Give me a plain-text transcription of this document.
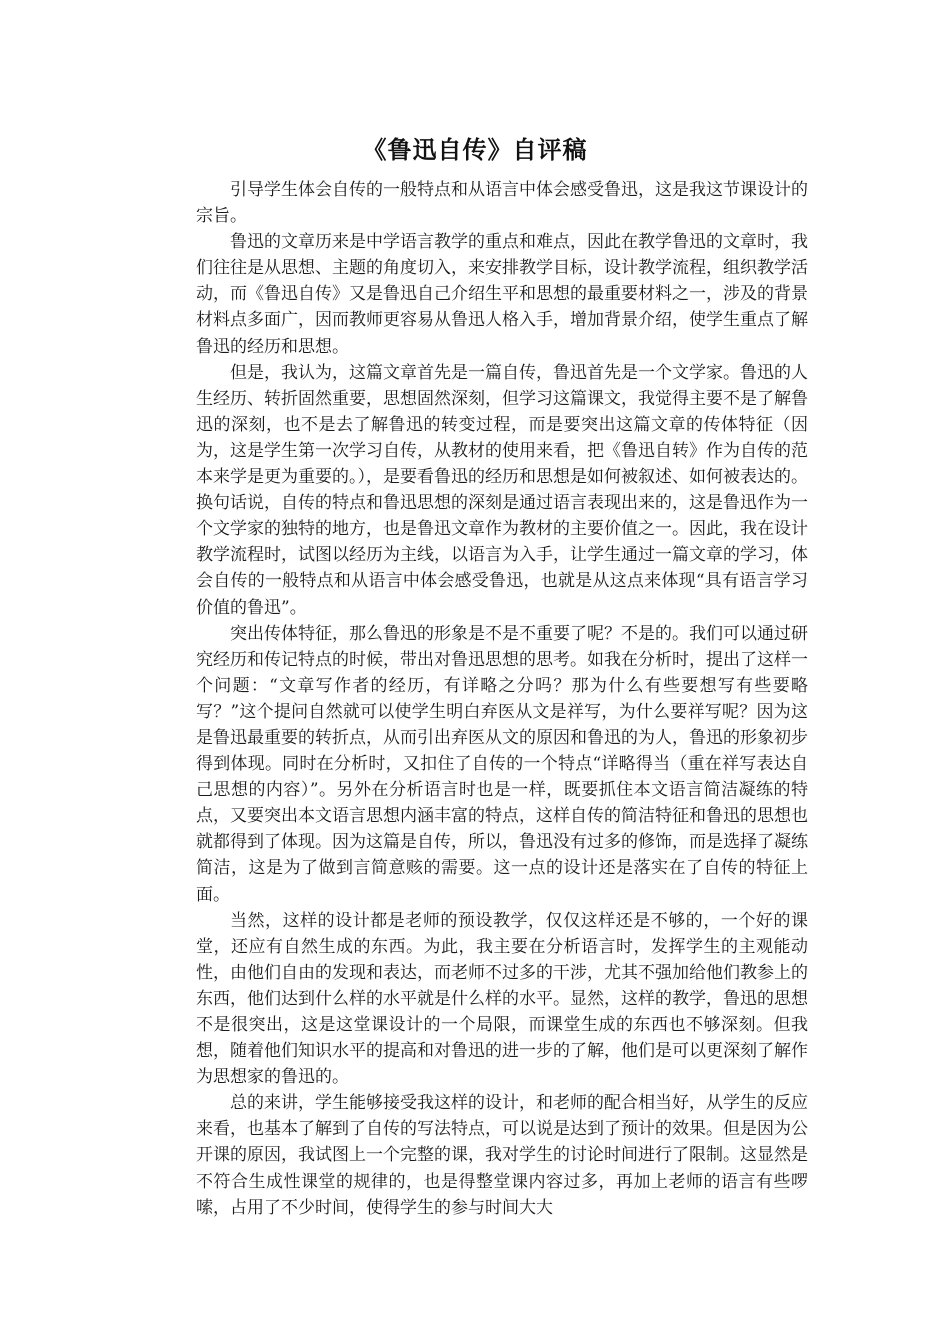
《鲁迅自传》自评稿

引导学生体会自传的一般特点和从语言中体会感受鲁迅，这是我这节课设计的宗旨。

鲁迅的文章历来是中学语言教学的重点和难点，因此在教学鲁迅的文章时，我们往往是从思想、主题的角度切入，来安排教学目标，设计教学流程，组织教学活动，而《鲁迅自传》又是鲁迅自己介绍生平和思想的最重要材料之一，涉及的背景材料点多面广，因而教师更容易从鲁迅人格入手，增加背景介绍，使学生重点了解鲁迅的经历和思想。

但是，我认为，这篇文章首先是一篇自传，鲁迅首先是一个文学家。鲁迅的人生经历、转折固然重要，思想固然深刻，但学习这篇课文，我觉得主要不是了解鲁迅的深刻，也不是去了解鲁迅的转变过程，而是要突出这篇文章的传体特征（因为，这是学生第一次学习自传，从教材的使用来看，把《鲁迅自转》作为自传的范本来学是更为重要的。），是要看鲁迅的经历和思想是如何被叙述、如何被表达的。换句话说，自传的特点和鲁迅思想的深刻是通过语言表现出来的，这是鲁迅作为一个文学家的独特的地方，也是鲁迅文章作为教材的主要价值之一。因此，我在设计教学流程时，试图以经历为主线，以语言为入手，让学生通过一篇文章的学习，体会自传的一般特点和从语言中体会感受鲁迅，也就是从这点来体现“具有语言学习价值的鲁迅”。

突出传体特征，那么鲁迅的形象是不是不重要了呢？不是的。我们可以通过研究经历和传记特点的时候，带出对鲁迅思想的思考。如我在分析时，提出了这样一个问题：“文章写作者的经历，有详略之分吗？那为什么有些要想写有些要略写？”这个提问自然就可以使学生明白弃医从文是祥写，为什么要祥写呢？因为这是鲁迅最重要的转折点，从而引出弃医从文的原因和鲁迅的为人，鲁迅的形象初步得到体现。同时在分析时，又扣住了自传的一个特点“详略得当（重在祥写表达自己思想的内容）”。另外在分析语言时也是一样，既要抓住本文语言简洁凝练的特点，又要突出本文语言思想内涵丰富的特点，这样自传的简洁特征和鲁迅的思想也就都得到了体现。因为这篇是自传，所以，鲁迅没有过多的修饰，而是选择了凝练简洁，这是为了做到言简意赅的需要。这一点的设计还是落实在了自传的特征上面。

当然，这样的设计都是老师的预设教学，仅仅这样还是不够的，一个好的课堂，还应有自然生成的东西。为此，我主要在分析语言时，发挥学生的主观能动性，由他们自由的发现和表达，而老师不过多的干涉，尤其不强加给他们教参上的东西，他们达到什么样的水平就是什么样的水平。显然，这样的教学，鲁迅的思想不是很突出，这是这堂课设计的一个局限，而课堂生成的东西也不够深刻。但我想，随着他们知识水平的提高和对鲁迅的进一步的了解，他们是可以更深刻了解作为思想家的鲁迅的。

总的来讲，学生能够接受我这样的设计，和老师的配合相当好，从学生的反应来看，也基本了解到了自传的写法特点，可以说是达到了预计的效果。但是因为公开课的原因，我试图上一个完整的课，我对学生的讨论时间进行了限制。这显然是不符合生成性课堂的规律的，也是得整堂课内容过多，再加上老师的语言有些啰嗦，占用了不少时间，使得学生的参与时间大大
